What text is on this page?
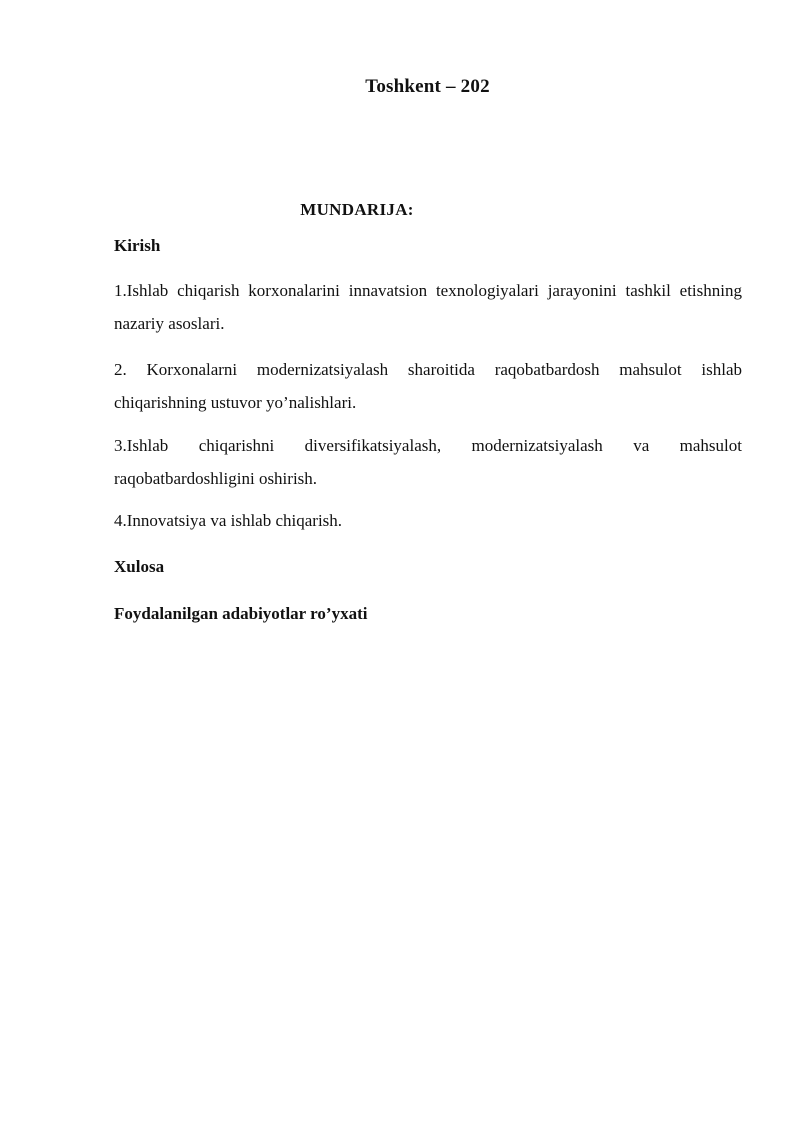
Toshkent – 202
MUNDARIJA:
Kirish
1.Ishlab chiqarish korxonalarini innavatsion texnologiyalari jarayonini tashkil etishning nazariy asoslari.
2. Korxonalarni modernizatsiyalash sharoitida raqobatbardosh mahsulot ishlab chiqarishning ustuvor yo’nalishlari.
3.Ishlab chiqarishni diversifikatsiyalash, modernizatsiyalash va mahsulot raqobatbardoshligini oshirish.
4.Innovatsiya va ishlab chiqarish.
Xulosa
Foydalanilgan adabiyotlar ro’yxati
